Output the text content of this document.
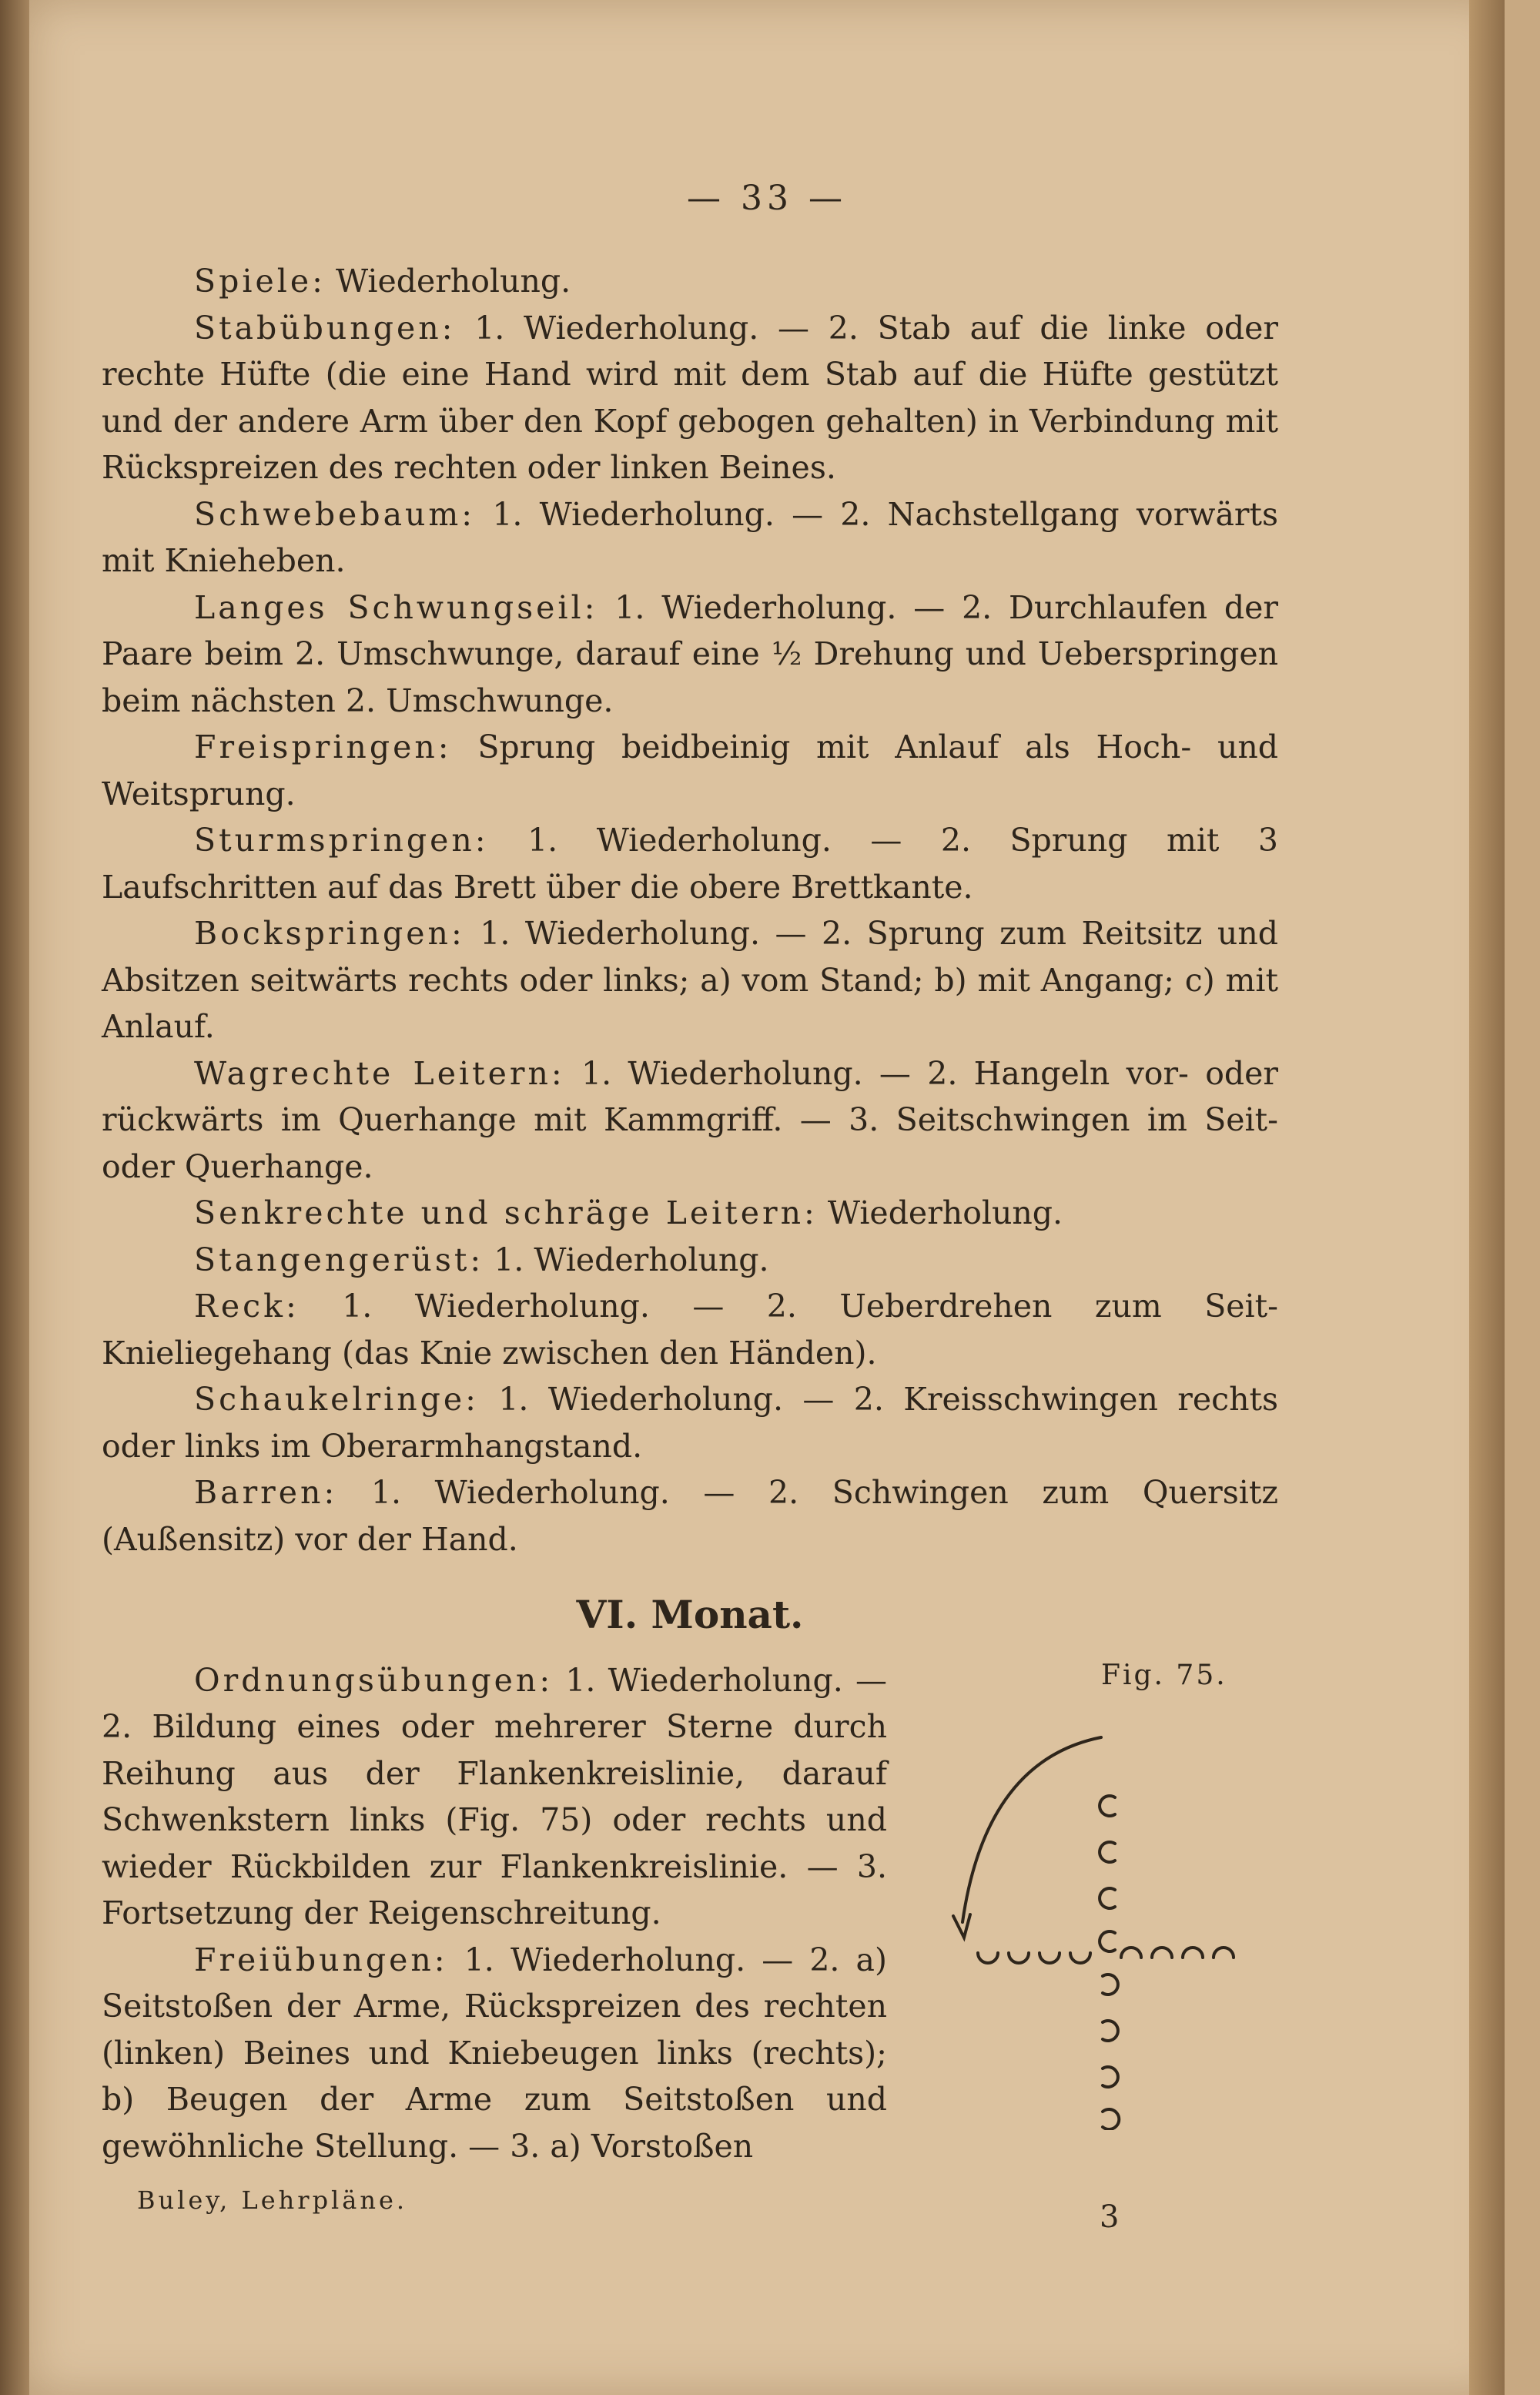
— 33 —

Spiele: Wiederholung.

Stabübungen: 1. Wiederholung. — 2. Stab auf die linke oder rechte Hüfte (die eine Hand wird mit dem Stab auf die Hüfte gestützt und der andere Arm über den Kopf gebogen gehalten) in Verbindung mit Rückspreizen des rechten oder linken Beines.

Schwebebaum: 1. Wiederholung. — 2. Nachstellgang vorwärts mit Knieheben.

Langes Schwungseil: 1. Wiederholung. — 2. Durchlaufen der Paare beim 2. Umschwunge, darauf eine ½ Drehung und Ueberspringen beim nächsten 2. Umschwunge.

Freispringen: Sprung beidbeinig mit Anlauf als Hoch- und Weitsprung.

Sturmspringen: 1. Wiederholung. — 2. Sprung mit 3 Laufschritten auf das Brett über die obere Brettkante.

Bockspringen: 1. Wiederholung. — 2. Sprung zum Reitsitz und Absitzen seitwärts rechts oder links; a) vom Stand; b) mit Angang; c) mit Anlauf.

Wagrechte Leitern: 1. Wiederholung. — 2. Hangeln vor- oder rückwärts im Querhange mit Kammgriff. — 3. Seitschwingen im Seit- oder Querhange.

Senkrechte und schräge Leitern: Wiederholung.

Stangengerüst: 1. Wiederholung.

Reck: 1. Wiederholung. — 2. Ueberdrehen zum Seit-Knieliegehang (das Knie zwischen den Händen).

Schaukelringe: 1. Wiederholung. — 2. Kreisschwingen rechts oder links im Oberarmhangstand.

Barren: 1. Wiederholung. — 2. Schwingen zum Quersitz (Außensitz) vor der Hand.

VI. Monat.

Fig. 75.
Ordnungsübungen: 1. Wiederholung. — 2. Bildung eines oder mehrerer Sterne durch Reihung aus der Flankenkreislinie, darauf Schwenkstern links (Fig. 75) oder rechts und wieder Rückbilden zur Flankenkreislinie. — 3. Fortsetzung der Reigenschreitung.

Freiübungen: 1. Wiederholung. — 2. a) Seitstoßen der Arme, Rückspreizen des rechten (linken) Beines und Kniebeugen links (rechts); b) Beugen der Arme zum Seitstoßen und gewöhnliche Stellung. — 3. a) Vorstoßen

Buley, Lehrpläne.	3
